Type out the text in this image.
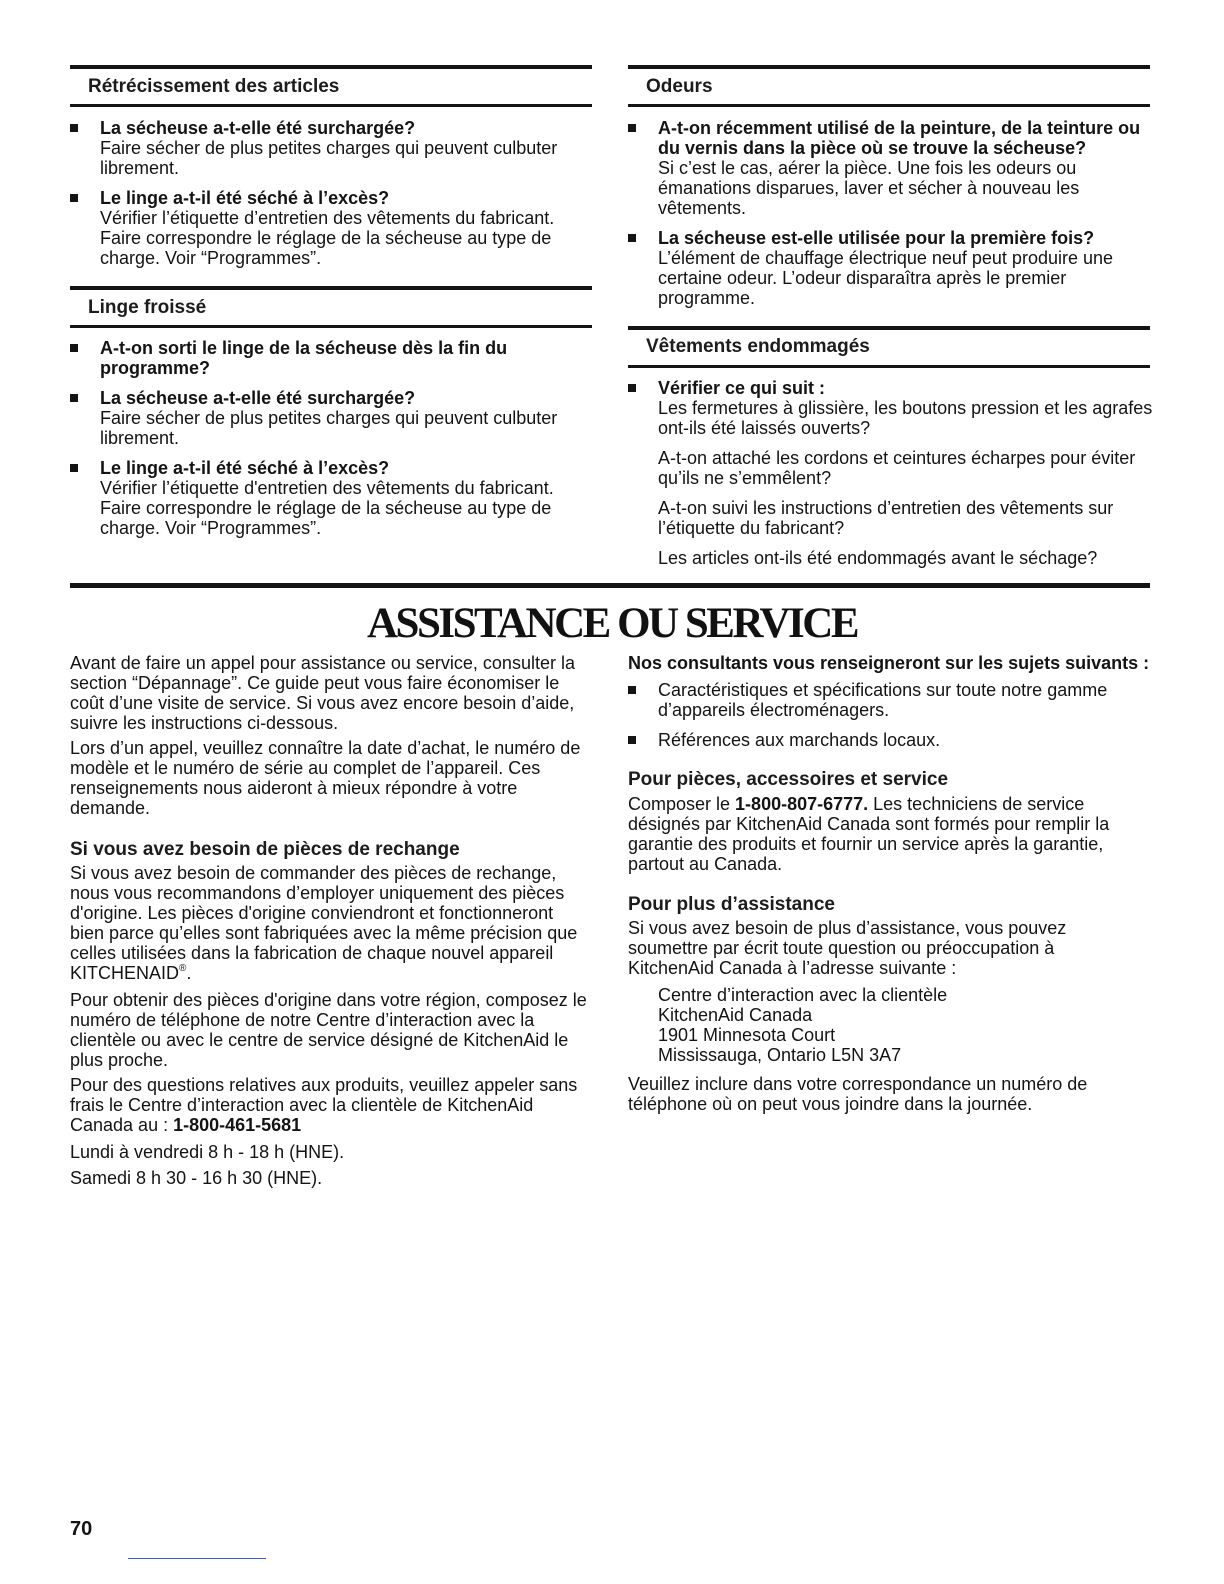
Rétrécissement des articles
La sécheuse a-t-elle été surchargée?
Faire sécher de plus petites charges qui peuvent culbuter
librement.
Le linge a-t-il été séché à l’excès?
Vérifier l’étiquette d’entretien des vêtements du fabricant.
Faire correspondre le réglage de la sécheuse au type de
charge. Voir “Programmes”.
Linge froissé
A-t-on sorti le linge de la sécheuse dès la fin du
programme?
La sécheuse a-t-elle été surchargée?
Faire sécher de plus petites charges qui peuvent culbuter
librement.
Le linge a-t-il été séché à l’excès?
Vérifier l’étiquette d'entretien des vêtements du fabricant.
Faire correspondre le réglage de la sécheuse au type de
charge. Voir “Programmes”.
Odeurs
A-t-on récemment utilisé de la peinture, de la teinture ou
du vernis dans la pièce où se trouve la sécheuse?
Si c’est le cas, aérer la pièce. Une fois les odeurs ou
émanations disparues, laver et sécher à nouveau les
vêtements.
La sécheuse est-elle utilisée pour la première fois?
L’élément de chauffage électrique neuf peut produire une
certaine odeur. L’odeur disparaîtra après le premier
programme.
Vêtements endommagés
Vérifier ce qui suit :
Les fermetures à glissière, les boutons pression et les agrafes
ont-ils été laissés ouverts?
A-t-on attaché les cordons et ceintures écharpes pour éviter
qu’ils ne s’emmêlent?
A-t-on suivi les instructions d’entretien des vêtements sur
l’étiquette du fabricant?
Les articles ont-ils été endommagés avant le séchage?
ASSISTANCE OU SERVICE
Avant de faire un appel pour assistance ou service, consulter la
section “Dépannage”. Ce guide peut vous faire économiser le
coût d’une visite de service. Si vous avez encore besoin d’aide,
suivre les instructions ci-dessous.
Lors d’un appel, veuillez connaître la date d’achat, le numéro de
modèle et le numéro de série au complet de l’appareil. Ces
renseignements nous aideront à mieux répondre à votre
demande.
Si vous avez besoin de pièces de rechange
Si vous avez besoin de commander des pièces de rechange,
nous vous recommandons d’employer uniquement des pièces
d'origine. Les pièces d'origine conviendront et fonctionneront
bien parce qu’elles sont fabriquées avec la même précision que
celles utilisées dans la fabrication de chaque nouvel appareil
KITCHENAID®.
Pour obtenir des pièces d'origine dans votre région, composez le
numéro de téléphone de notre Centre d’interaction avec la
clientèle ou avec le centre de service désigné de KitchenAid le
plus proche.
Pour des questions relatives aux produits, veuillez appeler sans
frais le Centre d’interaction avec la clientèle de KitchenAid
Canada au : 1-800-461-5681
Lundi à vendredi 8 h - 18 h (HNE).
Samedi 8 h 30 - 16 h 30 (HNE).
Nos consultants vous renseigneront sur les sujets suivants :
Caractéristiques et spécifications sur toute notre gamme
d’appareils électroménagers.
Références aux marchands locaux.
Pour pièces, accessoires et service
Composer le 1-800-807-6777. Les techniciens de service
désignés par KitchenAid Canada sont formés pour remplir la
garantie des produits et fournir un service après la garantie,
partout au Canada.
Pour plus d’assistance
Si vous avez besoin de plus d’assistance, vous pouvez
soumettre par écrit toute question ou préoccupation à
KitchenAid Canada à l’adresse suivante :
Centre d’interaction avec la clientèle
KitchenAid Canada
1901 Minnesota Court
Mississauga, Ontario L5N 3A7
Veuillez inclure dans votre correspondance un numéro de
téléphone où on peut vous joindre dans la journée.
70
